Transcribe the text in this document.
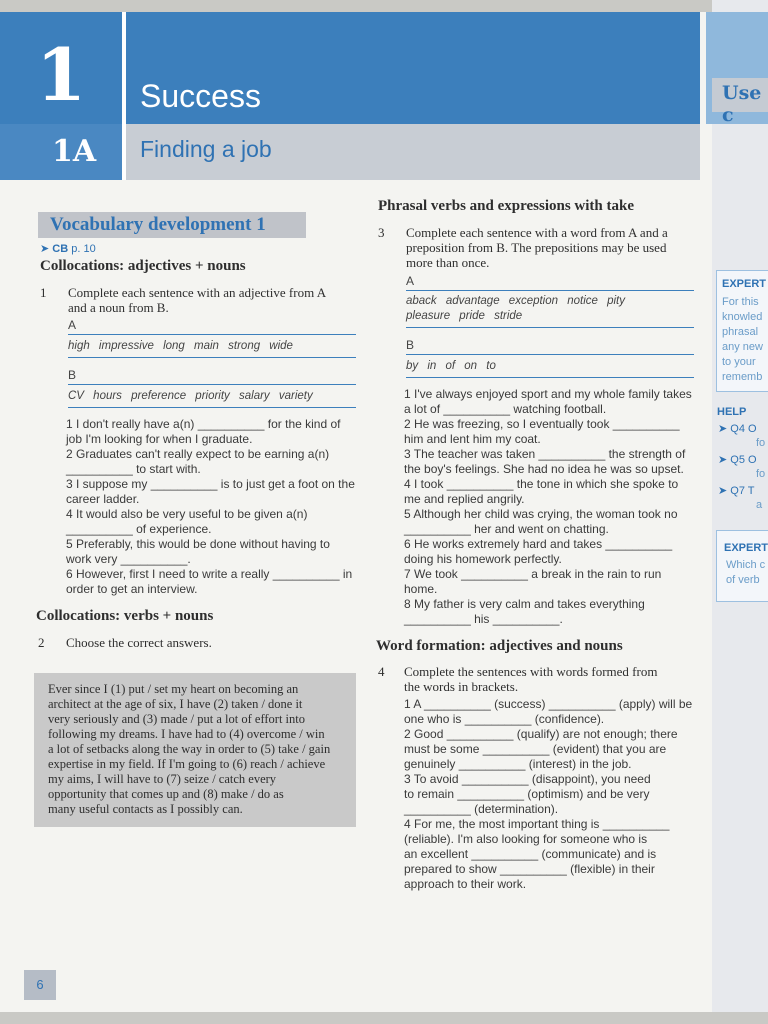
1	Success
1A	Finding a job
Vocabulary development 1
➤ CB p. 10
Collocations: adjectives + nouns
1 Complete each sentence with an adjective from A
and a noun from B.
A
high impressive long main strong wide
B
CV hours preference priority salary variety
1 I don't really have a(n) __________ for the kind of
job I'm looking for when I graduate.
2 Graduates can't really expect to be earning a(n)
__________ to start with.
3 I suppose my __________ is to just get a foot on the
career ladder.
4 It would also be very useful to be given a(n)
__________ of experience.
5 Preferably, this would be done without having to
work very __________.
6 However, first I need to write a really __________ in
order to get an interview.
Collocations: verbs + nouns
2 Choose the correct answers.
Ever since I (1) put / set my heart on becoming an
architect at the age of six, I have (2) taken / done it
very seriously and (3) made / put a lot of effort into
following my dreams. I have had to (4) overcome / win
a lot of setbacks along the way in order to (5) take / gain
expertise in my field. If I'm going to (6) reach / achieve
my aims, I will have to (7) seize / catch every
opportunity that comes up and (8) make / do as
many useful contacts as I possibly can.
Phrasal verbs and expressions with take
3 Complete each sentence with a word from A and a
preposition from B. The prepositions may be used
more than once.
A
aback advantage exception notice pity
pleasure pride stride
B
by in of on to
1 I've always enjoyed sport and my whole family takes
a lot of __________ watching football.
2 He was freezing, so I eventually took __________
him and lent him my coat.
3 The teacher was taken __________ the strength of
the boy's feelings. She had no idea he was so upset.
4 I took __________ the tone in which she spoke to
me and replied angrily.
5 Although her child was crying, the woman took no
__________ her and went on chatting.
6 He works extremely hard and takes __________
doing his homework perfectly.
7 We took __________ a break in the rain to run
home.
8 My father is very calm and takes everything
__________ his __________.
Word formation: adjectives and nouns
4 Complete the sentences with words formed from
the words in brackets.
1 A __________ (success) __________ (apply) will be
one who is __________ (confidence).
2 Good __________ (qualify) are not enough; there
must be some __________ (evident) that you are
genuinely __________ (interest) in the job.
3 To avoid __________ (disappoint), you need
to remain __________ (optimism) and be very
__________ (determination).
4 For me, the most important thing is __________
(reliable). I'm also looking for someone who is
an excellent __________ (communicate) and is
prepared to show __________ (flexible) in their
approach to their work.
6
Use c
EXPERT
For this
knowled
phrasal
any new
to your
rememb
HELP
➤ Q4 O
fo
➤ Q5 O
fo
➤ Q7 T
a
EXPERT
Which c
of verb
